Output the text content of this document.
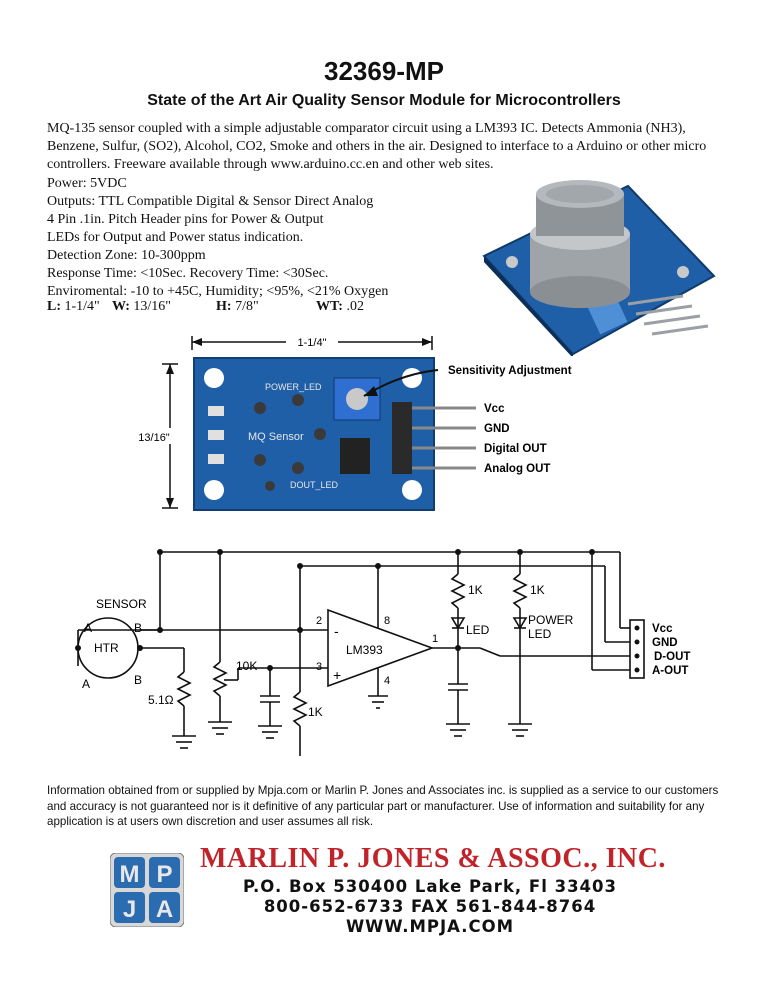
32369-MP
State of the Art Air Quality Sensor Module for Microcontrollers
MQ-135 sensor coupled with a simple adjustable comparator circuit using a LM393 IC. Detects Ammonia (NH3), Benzene, Sulfur, (SO2), Alcohol, CO2, Smoke and others in the air. Designed to interface to a Arduino or other micro controllers. Freeware available through www.arduino.cc.en and other web sites.
Power: 5VDC
Outputs: TTL Compatible Digital & Sensor Direct Analog
4 Pin .1in. Pitch Header pins for Power & Output
LEDs for Output and Power status indication.
Detection Zone: 10-300ppm
Response Time: <10Sec. Recovery Time: <30Sec.
Enviromental: -10 to +45C, Humidity; <95%, <21% Oxygen
L: 1-1/4" W: 13/16"	H: 7/8"	WT: .02
1-1/4"
13/16"
POWER_LED
MQ Sensor
DOUT_LED
Sensitivity Adjustment
Vcc
GND
Digital OUT
Analog OUT
SENSOR
A	B
HTR
A	B
5.1Ω
10K
1K
LM393
2
3
8
4
1
-
+
1K	1K
LED
POWER
LED	Vcc
GND
D-OUT
A-OUT
Information obtained from or supplied by Mpja.com or Marlin P. Jones and Associates inc. is supplied as a service to our customers and accuracy is not guaranteed nor is it definitive of any particular part or manufacturer. Use of information and suitability for any application is at users own discretion and user assumes all risk.
M P
J A
MARLIN P. JONES & ASSOC., INC.
P.O. Box 530400 Lake Park, Fl 33403
800-652-6733 FAX 561-844-8764
WWW.MPJA.COM
